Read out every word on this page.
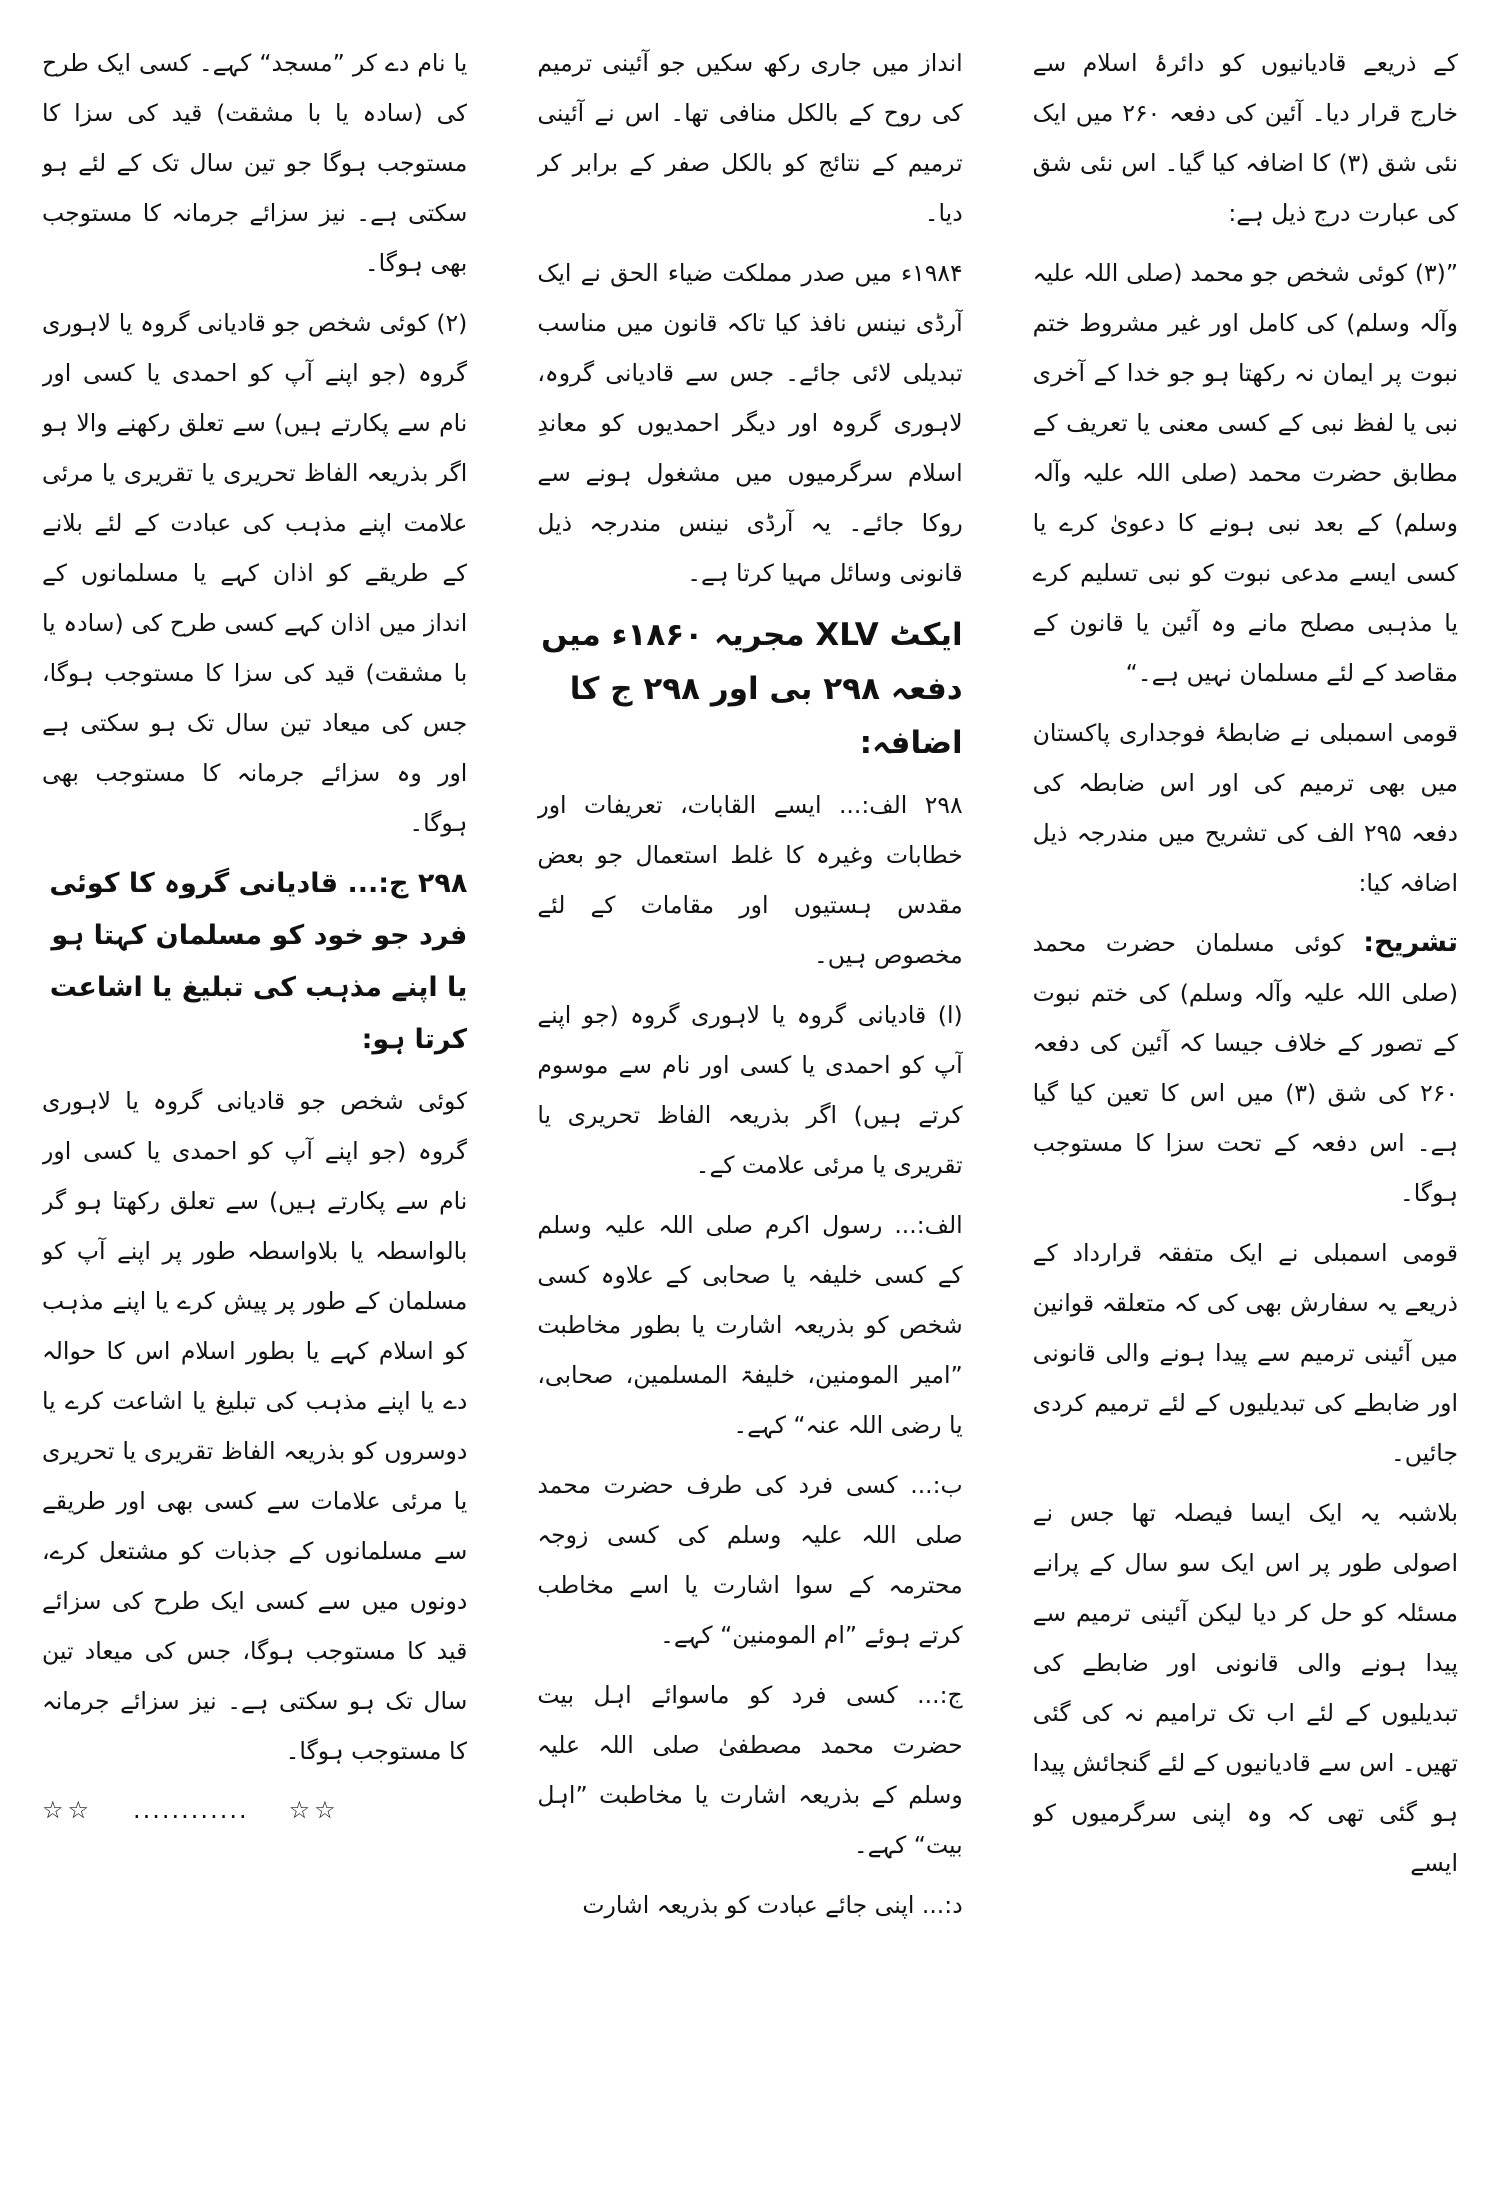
کے ذریعے قادیانیوں کو دائرۂ اسلام سے خارج قرار دیا۔ آئین کی دفعہ ۲۶۰ میں ایک نئی شق (۳) کا اضافہ کیا گیا۔ اس نئی شق کی عبارت درج ذیل ہے:

”(۳) کوئی شخص جو محمد (صلی اللہ علیہ وآلہ وسلم) کی کامل اور غیر مشروط ختم نبوت پر ایمان نہ رکھتا ہو جو خدا کے آخری نبی یا لفظ نبی کے کسی معنی یا تعریف کے مطابق حضرت محمد (صلی اللہ علیہ وآلہ وسلم) کے بعد نبی ہونے کا دعویٰ کرے یا کسی ایسے مدعی نبوت کو نبی تسلیم کرے یا مذہبی مصلح مانے وہ آئین یا قانون کے مقاصد کے لئے مسلمان نہیں ہے۔“

قومی اسمبلی نے ضابطۂ فوجداری پاکستان میں بھی ترمیم کی اور اس ضابطہ کی دفعہ ۲۹۵ الف کی تشریح میں مندرجہ ذیل اضافہ کیا:

تشریح: کوئی مسلمان حضرت محمد (صلی اللہ علیہ وآلہ وسلم) کی ختم نبوت کے تصور کے خلاف جیسا کہ آئین کی دفعہ ۲۶۰ کی شق (۳) میں اس کا تعین کیا گیا ہے۔ اس دفعہ کے تحت سزا کا مستوجب ہوگا۔

قومی اسمبلی نے ایک متفقہ قرارداد کے ذریعے یہ سفارش بھی کی کہ متعلقہ قوانین میں آئینی ترمیم سے پیدا ہونے والی قانونی اور ضابطے کی تبدیلیوں کے لئے ترمیم کردی جائیں۔

بلاشبہ یہ ایک ایسا فیصلہ تھا جس نے اصولی طور پر اس ایک سو سال کے پرانے مسئلہ کو حل کر دیا لیکن آئینی ترمیم سے پیدا ہونے والی قانونی اور ضابطے کی تبدیلیوں کے لئے اب تک ترامیم نہ کی گئی تھیں۔ اس سے قادیانیوں کے لئے گنجائش پیدا ہو گئی تھی کہ وہ اپنی سرگرمیوں کو ایسے

انداز میں جاری رکھ سکیں جو آئینی ترمیم کی روح کے بالکل منافی تھا۔ اس نے آئینی ترمیم کے نتائج کو بالکل صفر کے برابر کر دیا۔

۱۹۸۴ء میں صدر مملکت ضیاء الحق نے ایک آرڈی نینس نافذ کیا تاکہ قانون میں مناسب تبدیلی لائی جائے۔ جس سے قادیانی گروہ، لاہوری گروہ اور دیگر احمدیوں کو معاندِ اسلام سرگرمیوں میں مشغول ہونے سے روکا جائے۔ یہ آرڈی نینس مندرجہ ذیل قانونی وسائل مہیا کرتا ہے۔

ایکٹ XLV مجریہ ۱۸۶۰ء میں دفعہ ۲۹۸ بی اور ۲۹۸ ج کا اضافہ:

۲۹۸ الف:... ایسے القابات، تعریفات اور خطابات وغیرہ کا غلط استعمال جو بعض مقدس ہستیوں اور مقامات کے لئے مخصوص ہیں۔

(ا) قادیانی گروہ یا لاہوری گروہ (جو اپنے آپ کو احمدی یا کسی اور نام سے موسوم کرتے ہیں) اگر بذریعہ الفاظ تحریری یا تقریری یا مرئی علامت کے۔

الف:... رسول اکرم صلی اللہ علیہ وسلم کے کسی خلیفہ یا صحابی کے علاوہ کسی شخص کو بذریعہ اشارت یا بطور مخاطبت ”امیر المومنین، خلیفۃ المسلمین، صحابی، یا رضی اللہ عنہ“ کہے۔

ب:... کسی فرد کی طرف حضرت محمد صلی اللہ علیہ وسلم کی کسی زوجہ محترمہ کے سوا اشارت یا اسے مخاطب کرتے ہوئے ”ام المومنین“ کہے۔

ج:... کسی فرد کو ماسوائے اہل بیت حضرت محمد مصطفیٰ صلی اللہ علیہ وسلم کے بذریعہ اشارت یا مخاطبت ”اہل بیت“ کہے۔

د:... اپنی جائے عبادت کو بذریعہ اشارت

یا نام دے کر ”مسجد“ کہے۔ کسی ایک طرح کی (سادہ یا با مشقت) قید کی سزا کا مستوجب ہوگا جو تین سال تک کے لئے ہو سکتی ہے۔ نیز سزائے جرمانہ کا مستوجب بھی ہوگا۔

(۲) کوئی شخص جو قادیانی گروہ یا لاہوری گروہ (جو اپنے آپ کو احمدی یا کسی اور نام سے پکارتے ہیں) سے تعلق رکھنے والا ہو اگر بذریعہ الفاظ تحریری یا تقریری یا مرئی علامت اپنے مذہب کی عبادت کے لئے بلانے کے طریقے کو اذان کہے یا مسلمانوں کے انداز میں اذان کہے کسی طرح کی (سادہ یا با مشقت) قید کی سزا کا مستوجب ہوگا، جس کی میعاد تین سال تک ہو سکتی ہے اور وہ سزائے جرمانہ کا مستوجب بھی ہوگا۔

۲۹۸ ج:... قادیانی گروہ کا کوئی فرد جو خود کو مسلمان کہتا ہو یا اپنے مذہب کی تبلیغ یا اشاعت کرتا ہو:

کوئی شخص جو قادیانی گروہ یا لاہوری گروہ (جو اپنے آپ کو احمدی یا کسی اور نام سے پکارتے ہیں) سے تعلق رکھتا ہو گر بالواسطہ یا بلاواسطہ طور پر اپنے آپ کو مسلمان کے طور پر پیش کرے یا اپنے مذہب کو اسلام کہے یا بطور اسلام اس کا حوالہ دے یا اپنے مذہب کی تبلیغ یا اشاعت کرے یا دوسروں کو بذریعہ الفاظ تقریری یا تحریری یا مرئی علامات سے کسی بھی اور طریقے سے مسلمانوں کے جذبات کو مشتعل کرے، دونوں میں سے کسی ایک طرح کی سزائے قید کا مستوجب ہوگا، جس کی میعاد تین سال تک ہو سکتی ہے۔ نیز سزائے جرمانہ کا مستوجب ہوگا۔

☆☆ ............ ☆☆
